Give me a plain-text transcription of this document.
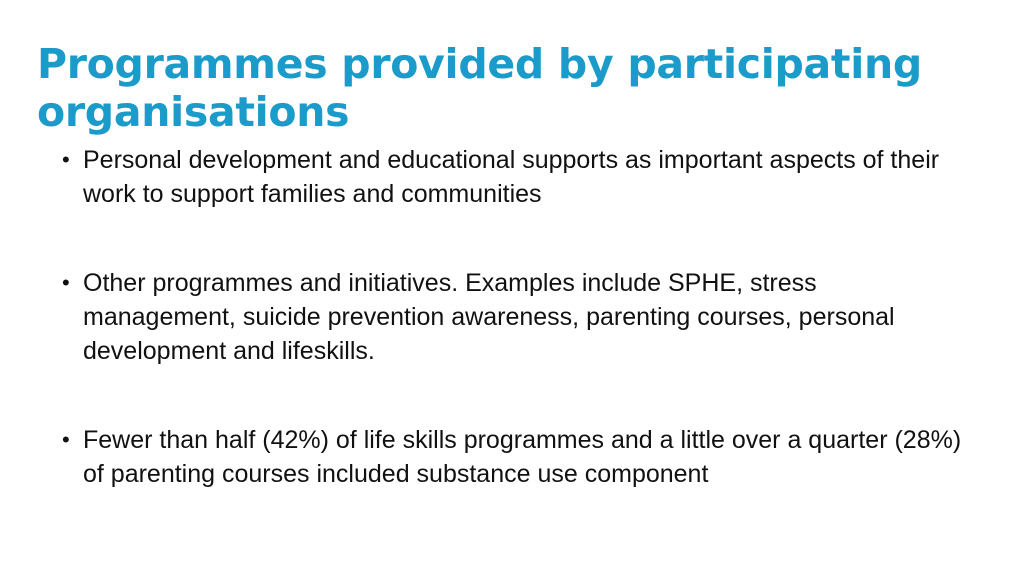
Programmes provided by participating organisations
• Personal development and educational supports as important aspects of their work to support families and communities
• Other programmes and initiatives. Examples include SPHE, stress management, suicide prevention awareness, parenting courses, personal development and lifeskills.
• Fewer than half (42%) of life skills programmes and a little over a quarter (28%) of parenting courses included substance use component
